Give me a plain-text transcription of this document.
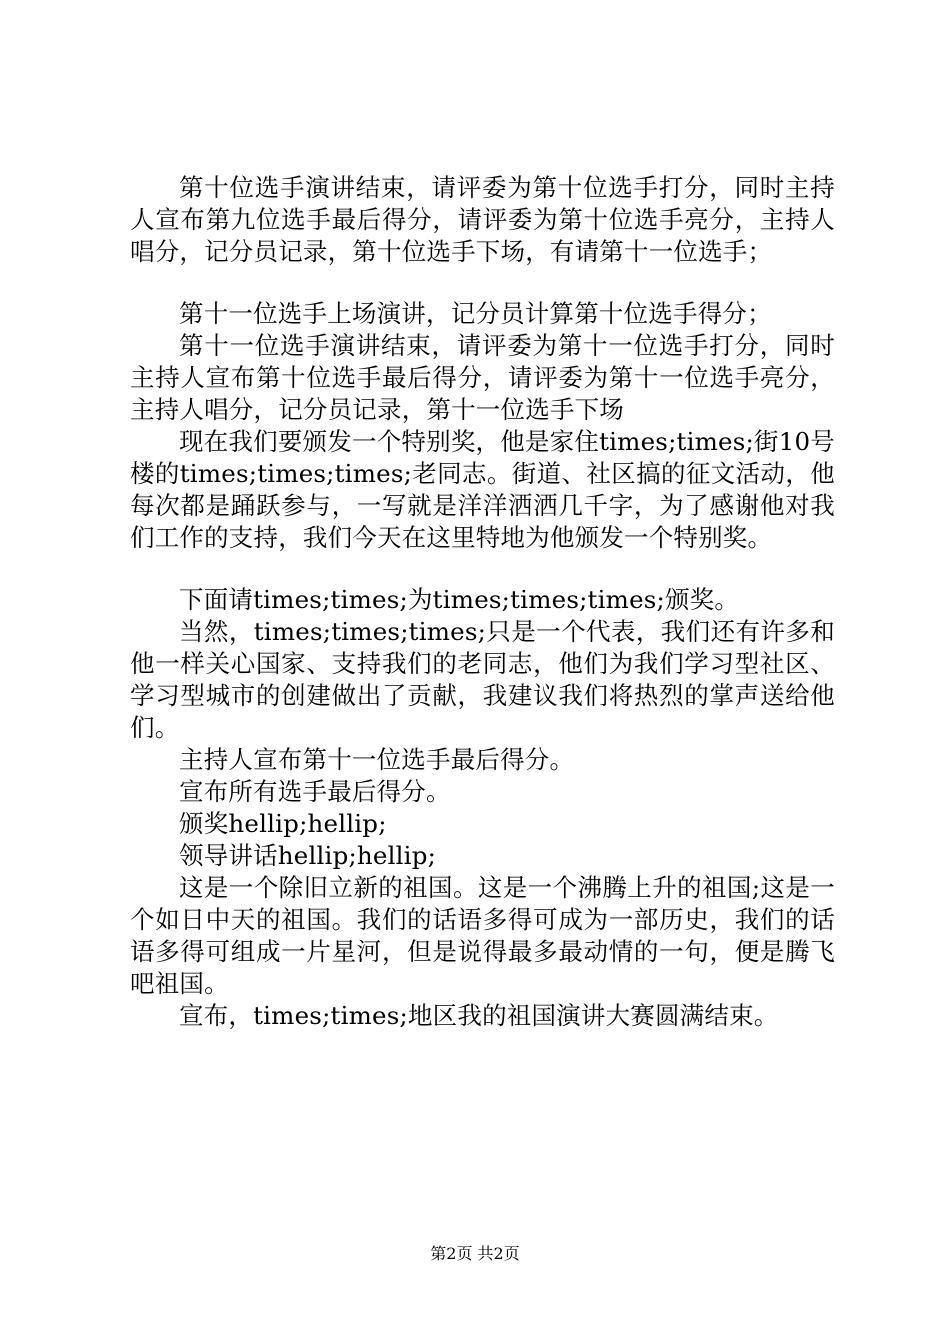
第十位选手演讲结束，请评委为第十位选手打分，同时主持人宣布第九位选手最后得分，请评委为第十位选手亮分，主持人唱分，记分员记录，第十位选手下场，有请第十一位选手；

第十一位选手上场演讲，记分员计算第十位选手得分；

第十一位选手演讲结束，请评委为第十一位选手打分，同时主持人宣布第十位选手最后得分，请评委为第十一位选手亮分，主持人唱分，记分员记录，第十一位选手下场

现在我们要颁发一个特别奖，他是家住times;times;街10号楼的times;times;times;老同志。街道、社区搞的征文活动，他每次都是踊跃参与，一写就是洋洋洒洒几千字，为了感谢他对我们工作的支持，我们今天在这里特地为他颁发一个特别奖。

下面请times;times;为times;times;times;颁奖。

当然，times;times;times;只是一个代表，我们还有许多和他一样关心国家、支持我们的老同志，他们为我们学习型社区、学习型城市的创建做出了贡献，我建议我们将热烈的掌声送给他们。

主持人宣布第十一位选手最后得分。

宣布所有选手最后得分。

颁奖hellip;hellip;

领导讲话hellip;hellip;

这是一个除旧立新的祖国。这是一个沸腾上升的祖国;这是一个如日中天的祖国。我们的话语多得可成为一部历史，我们的话语多得可组成一片星河，但是说得最多最动情的一句，便是腾飞吧祖国。

宣布，times;times;地区我的祖国演讲大赛圆满结束。

第2页 共2页
